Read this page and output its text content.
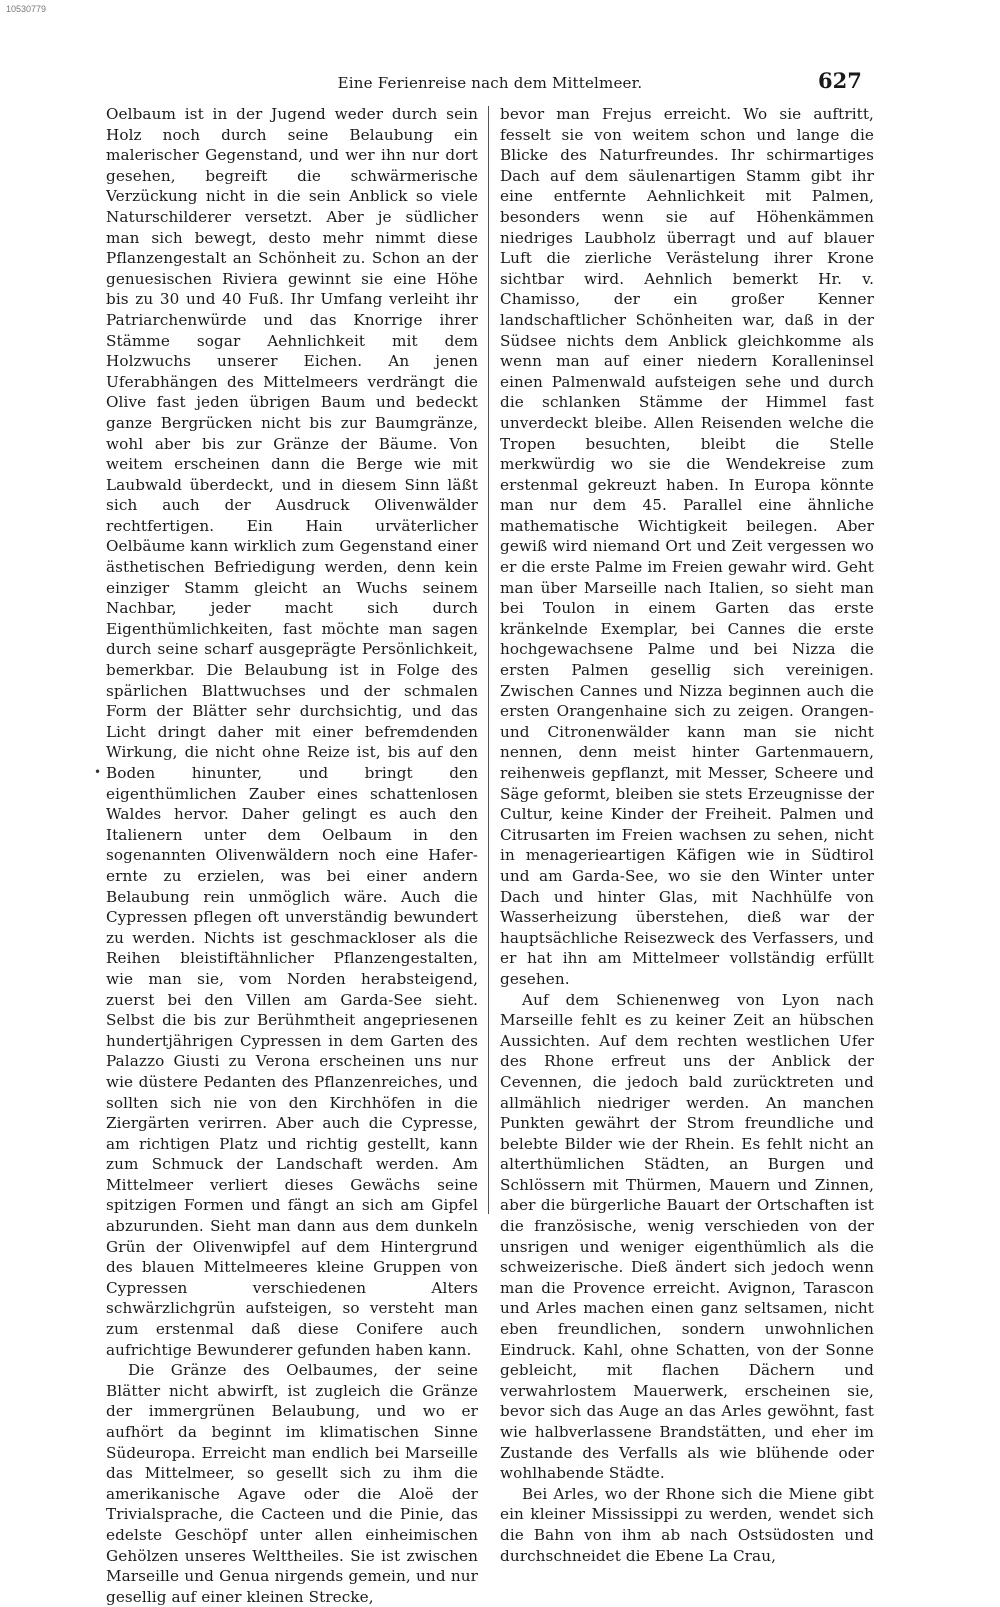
10530779
Eine Ferienreise nach dem Mittelmeer.	627
•

Oelbaum ist in der Jugend weder durch sein Holz noch durch seine Belaubung ein malerischer Gegenstand, und wer ihn nur dort gesehen, begreift die schwärmerische Verzückung nicht in die sein Anblick so viele Naturschilderer versetzt. Aber je südlicher man sich bewegt, desto mehr nimmt diese Pflanzengestalt an Schönheit zu. Schon an der genuesischen Riviera gewinnt sie eine Höhe bis zu 30 und 40 Fuß. Ihr Umfang verleiht ihr Patriarchenwürde und das Knorrige ihrer Stämme sogar Aehnlichkeit mit dem Holzwuchs unserer Eichen. An jenen Uferabhängen des Mittelmeers verdrängt die Olive fast jeden übrigen Baum und bedeckt ganze Bergrücken nicht bis zur Baumgränze, wohl aber bis zur Gränze der Bäume. Von weitem erscheinen dann die Berge wie mit Laubwald überdeckt, und in diesem Sinn läßt sich auch der Ausdruck Olivenwälder rechtfertigen. Ein Hain urväterlicher Oelbäume kann wirklich zum Gegenstand einer ästhetischen Befriedigung werden, denn kein einziger Stamm gleicht an Wuchs seinem Nachbar, jeder macht sich durch Eigenthümlichkeiten, fast möchte man sagen durch seine scharf ausgeprägte Persönlichkeit, bemerkbar. Die Belaubung ist in Folge des spärlichen Blattwuchses und der schmalen Form der Blätter sehr durchsichtig, und das Licht dringt daher mit einer befremdenden Wirkung, die nicht ohne Reize ist, bis auf den Boden hinunter, und bringt den eigenthümlichen Zauber eines schattenlosen Waldes hervor. Daher gelingt es auch den Italienern unter dem Oelbaum in den sogenannten Olivenwäldern noch eine Hafer-ernte zu erzielen, was bei einer andern Belaubung rein unmöglich wäre. Auch die Cypressen pflegen oft unverständig bewundert zu werden. Nichts ist geschmackloser als die Reihen bleistiftähnlicher Pflanzengestalten, wie man sie, vom Norden herabsteigend, zuerst bei den Villen am Garda-See sieht. Selbst die bis zur Berühmtheit angepriesenen hundertjährigen Cypressen in dem Garten des Palazzo Giusti zu Verona erscheinen uns nur wie düstere Pedanten des Pflanzenreiches, und sollten sich nie von den Kirchhöfen in die Ziergärten verirren. Aber auch die Cypresse, am richtigen Platz und richtig gestellt, kann zum Schmuck der Landschaft werden. Am Mittelmeer verliert dieses Gewächs seine spitzigen Formen und fängt an sich am Gipfel abzurunden. Sieht man dann aus dem dunkeln Grün der Olivenwipfel auf dem Hintergrund des blauen Mittelmeeres kleine Gruppen von Cypressen verschiedenen Alters schwärzlichgrün aufsteigen, so versteht man zum erstenmal daß diese Conifere auch aufrichtige Bewunderer gefunden haben kann.

Die Gränze des Oelbaumes, der seine Blätter nicht abwirft, ist zugleich die Gränze der immergrünen Belaubung, und wo er aufhört da beginnt im klimatischen Sinne Südeuropa. Erreicht man endlich bei Marseille das Mittelmeer, so gesellt sich zu ihm die amerikanische Agave oder die Aloë der Trivialsprache, die Cacteen und die Pinie, das edelste Geschöpf unter allen einheimischen Gehölzen unseres Welttheiles. Sie ist zwischen Marseille und Genua nirgends gemein, und nur gesellig auf einer kleinen Strecke,

bevor man Frejus erreicht. Wo sie auftritt, fesselt sie von weitem schon und lange die Blicke des Naturfreundes. Ihr schirmartiges Dach auf dem säulenartigen Stamm gibt ihr eine entfernte Aehnlichkeit mit Palmen, besonders wenn sie auf Höhenkämmen niedriges Laubholz überragt und auf blauer Luft die zierliche Verästelung ihrer Krone sichtbar wird. Aehnlich bemerkt Hr. v. Chamisso, der ein großer Kenner landschaftlicher Schönheiten war, daß in der Südsee nichts dem Anblick gleichkomme als wenn man auf einer niedern Koralleninsel einen Palmenwald aufsteigen sehe und durch die schlanken Stämme der Himmel fast unverdeckt bleibe. Allen Reisenden welche die Tropen besuchten, bleibt die Stelle merkwürdig wo sie die Wendekreise zum erstenmal gekreuzt haben. In Europa könnte man nur dem 45. Parallel eine ähnliche mathematische Wichtigkeit beilegen. Aber gewiß wird niemand Ort und Zeit vergessen wo er die erste Palme im Freien gewahr wird. Geht man über Marseille nach Italien, so sieht man bei Toulon in einem Garten das erste kränkelnde Exemplar, bei Cannes die erste hochgewachsene Palme und bei Nizza die ersten Palmen gesellig sich vereinigen. Zwischen Cannes und Nizza beginnen auch die ersten Orangenhaine sich zu zeigen. Orangen- und Citronenwälder kann man sie nicht nennen, denn meist hinter Gartenmauern, reihenweis gepflanzt, mit Messer, Scheere und Säge geformt, bleiben sie stets Erzeugnisse der Cultur, keine Kinder der Freiheit. Palmen und Citrusarten im Freien wachsen zu sehen, nicht in menagerieartigen Käfigen wie in Südtirol und am Garda-See, wo sie den Winter unter Dach und hinter Glas, mit Nachhülfe von Wasserheizung überstehen, dieß war der hauptsächliche Reisezweck des Verfassers, und er hat ihn am Mittelmeer vollständig erfüllt gesehen.

Auf dem Schienenweg von Lyon nach Marseille fehlt es zu keiner Zeit an hübschen Aussichten. Auf dem rechten westlichen Ufer des Rhone erfreut uns der Anblick der Cevennen, die jedoch bald zurücktreten und allmählich niedriger werden. An manchen Punkten gewährt der Strom freundliche und belebte Bilder wie der Rhein. Es fehlt nicht an alterthümlichen Städten, an Burgen und Schlössern mit Thürmen, Mauern und Zinnen, aber die bürgerliche Bauart der Ortschaften ist die französische, wenig verschieden von der unsrigen und weniger eigenthümlich als die schweizerische. Dieß ändert sich jedoch wenn man die Provence erreicht. Avignon, Tarascon und Arles machen einen ganz seltsamen, nicht eben freundlichen, sondern unwohnlichen Eindruck. Kahl, ohne Schatten, von der Sonne gebleicht, mit flachen Dächern und verwahrlostem Mauerwerk, erscheinen sie, bevor sich das Auge an das Arles gewöhnt, fast wie halbverlassene Brandstätten, und eher im Zustande des Verfalls als wie blühende oder wohlhabende Städte.

Bei Arles, wo der Rhone sich die Miene gibt ein kleiner Mississippi zu werden, wendet sich die Bahn von ihm ab nach Ostsüdosten und durchschneidet die Ebene La Crau,
